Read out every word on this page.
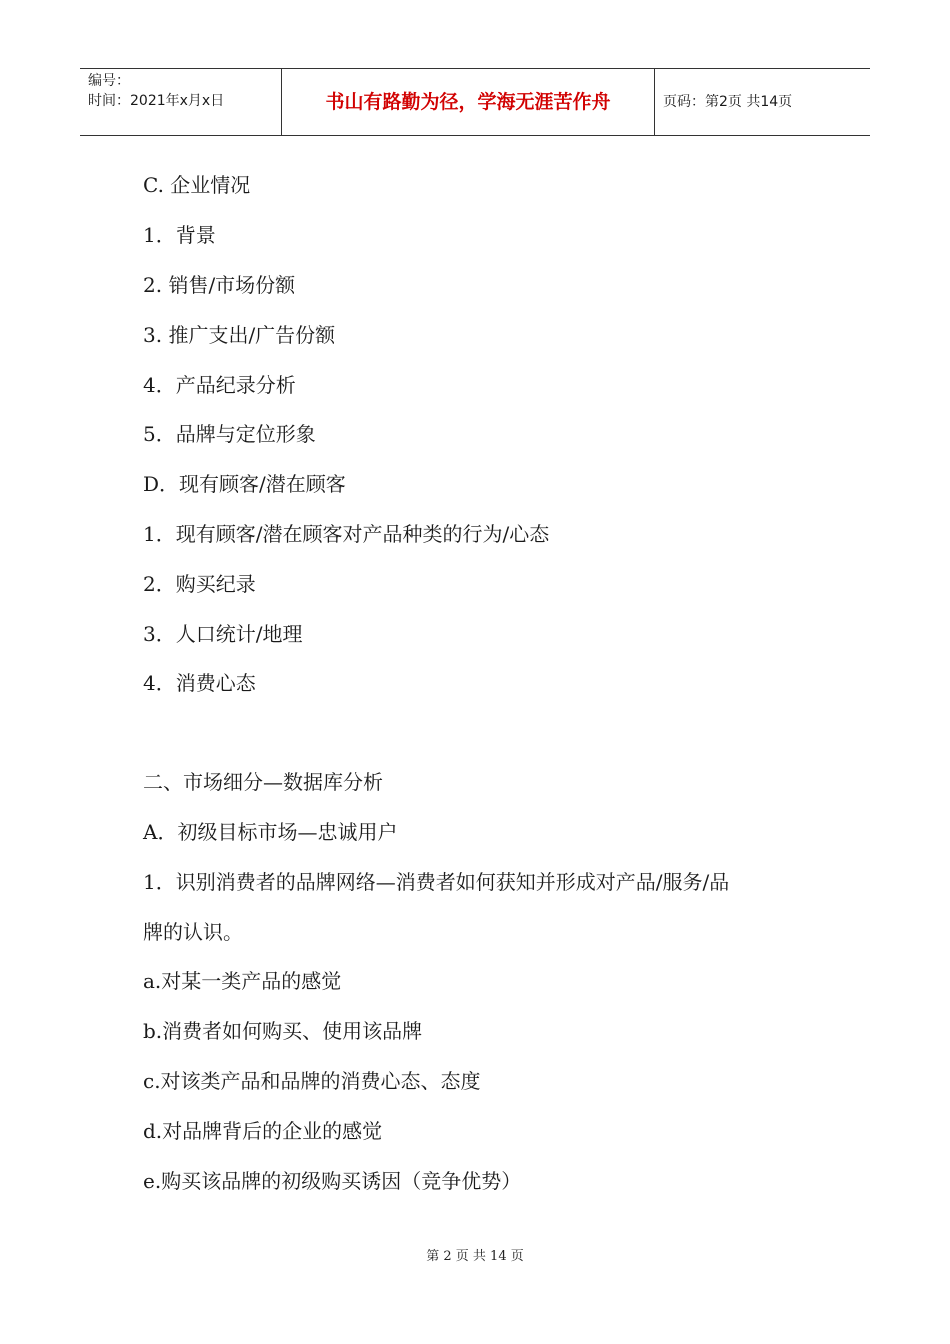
编号：
时间：2021年x月x日	书山有路勤为径，学海无涯苦作舟	页码：第2页 共14页
C. 企业情况
1．背景
2. 销售/市场份额
3. 推广支出/广告份额
4．产品纪录分析
5．品牌与定位形象
D．现有顾客/潜在顾客
1．现有顾客/潜在顾客对产品种类的行为/心态
2．购买纪录
3．人口统计/地理
4．消费心态
二、市场细分—数据库分析
A．初级目标市场—忠诚用户
1．识别消费者的品牌网络—消费者如何获知并形成对产品/服务/品
牌的认识。
a.对某一类产品的感觉
b.消费者如何购买、使用该品牌
c.对该类产品和品牌的消费心态、态度
d.对品牌背后的企业的感觉
e.购买该品牌的初级购买诱因（竞争优势）
第 2 页 共 14 页
